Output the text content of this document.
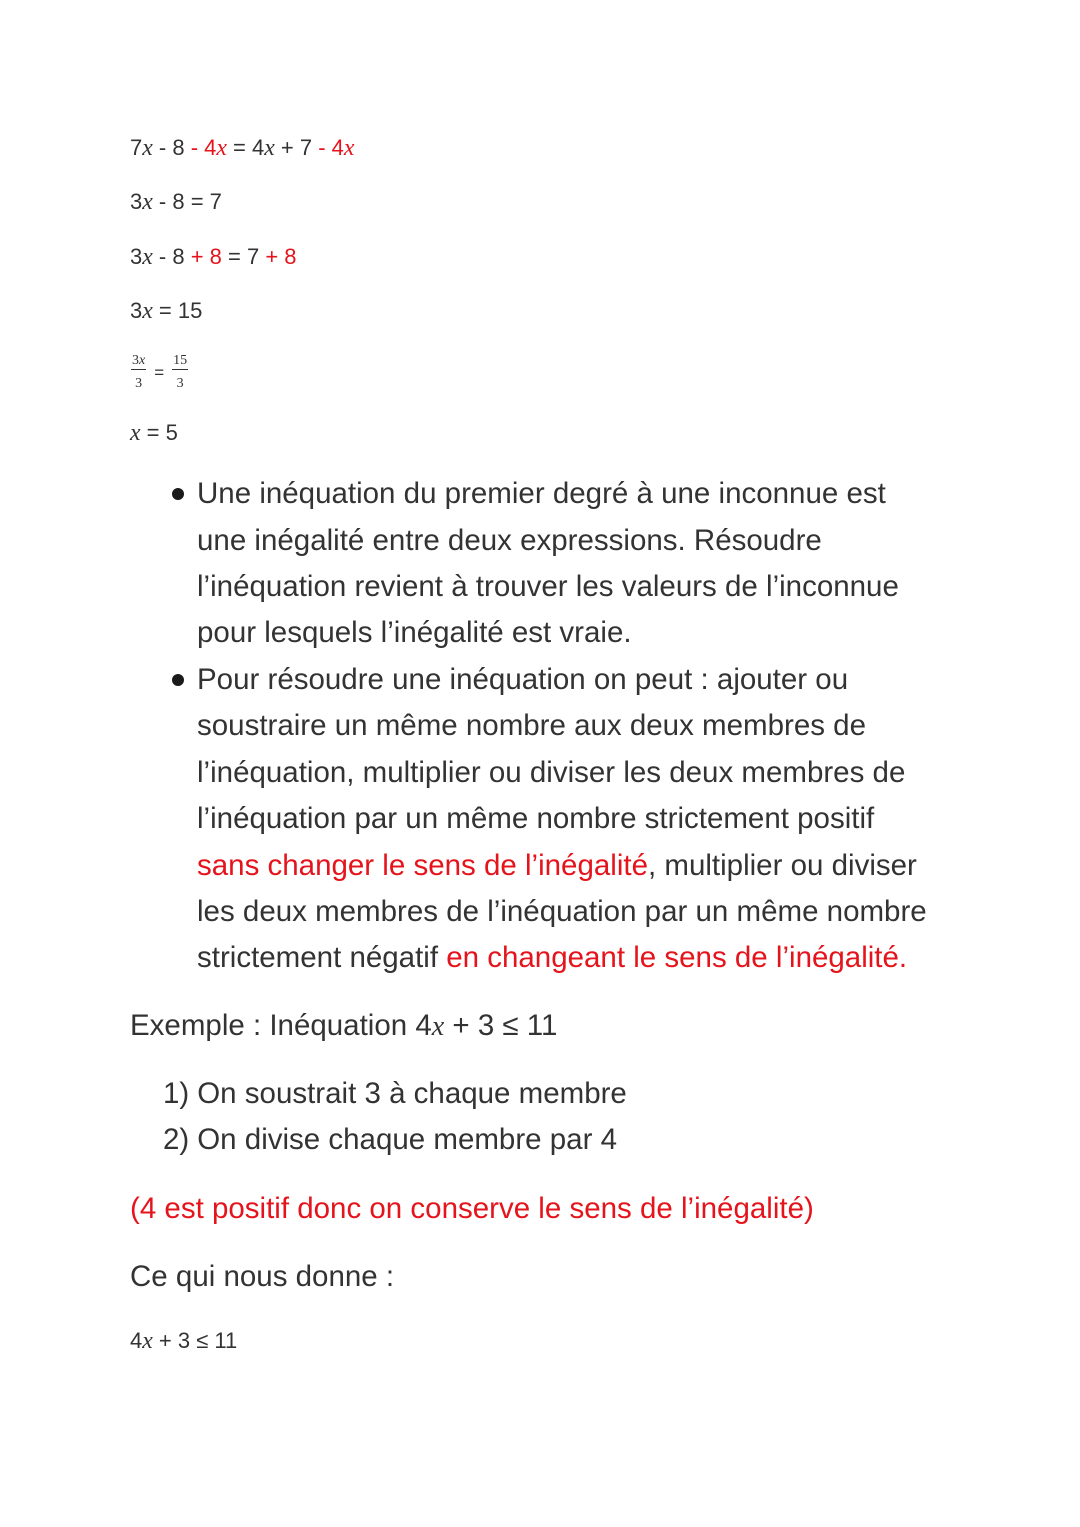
7x - 8 - 4x = 4x + 7 - 4x
3x - 8 = 7
3x - 8 + 8 = 7 + 8
3x = 15
$\frac{3x}{3} = \frac{15}{3}$
x = 5
Une inéquation du premier degré à une inconnue est
une inégalité entre deux expressions. Résoudre
l’inéquation revient à trouver les valeurs de l’inconnue
pour lesquels l’inégalité est vraie.
Pour résoudre une inéquation on peut : ajouter ou
soustraire un même nombre aux deux membres de
l’inéquation, multiplier ou diviser les deux membres de
l’inéquation par un même nombre strictement positif
sans changer le sens de l’inégalité, multiplier ou diviser
les deux membres de l’inéquation par un même nombre
strictement négatif en changeant le sens de l’inégalité.
Exemple : Inéquation 4x + 3 ≤ 11
1) On soustrait 3 à chaque membre
2) On divise chaque membre par 4
(4 est positif donc on conserve le sens de l’inégalité)
Ce qui nous donne :
4x + 3 ≤ 11
